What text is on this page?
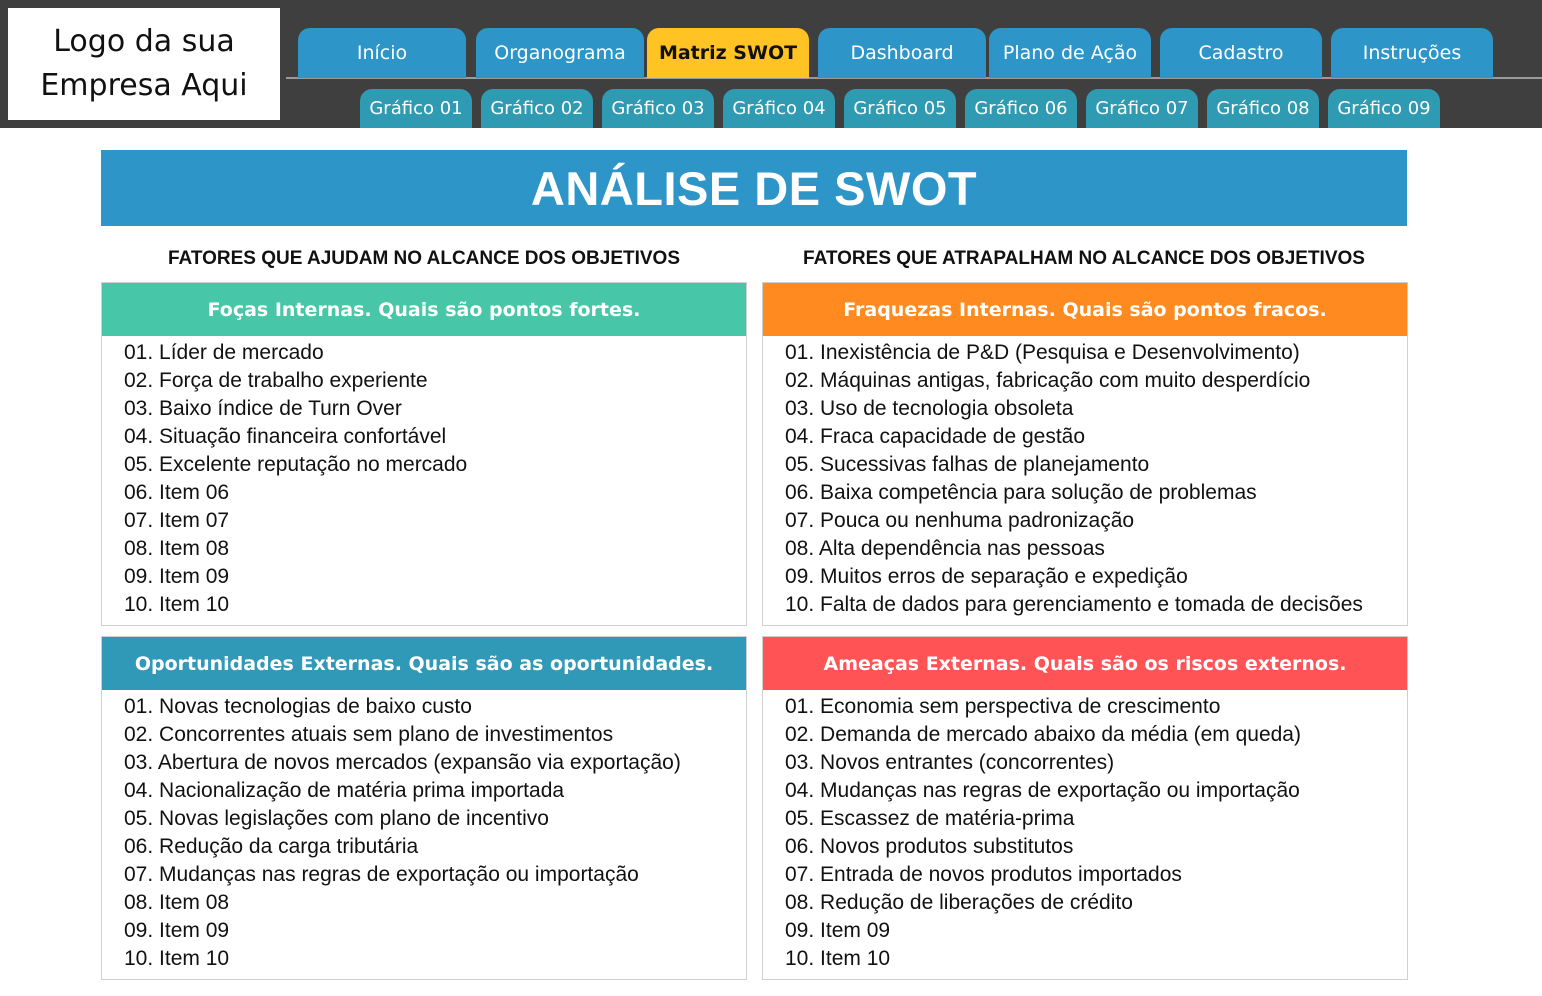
Logo da sua
Empresa Aqui
Início	Organograma	Matriz SWOT	Dashboard	Plano de Ação	Cadastro	Instruções
Gráfico 01	Gráfico 02	Gráfico 03	Gráfico 04	Gráfico 05	Gráfico 06	Gráfico 07	Gráfico 08	Gráfico 09
ANÁLISE DE SWOT
FATORES QUE AJUDAM NO ALCANCE DOS OBJETIVOS	FATORES QUE ATRAPALHAM NO ALCANCE DOS OBJETIVOS
Foças Internas. Quais são pontos fortes.
01. Líder de mercado
02. Força de trabalho experiente
03. Baixo índice de Turn Over
04. Situação financeira confortável
05. Excelente reputação no mercado
06. Item 06
07. Item 07
08. Item 08
09. Item 09
10. Item 10
Fraquezas Internas. Quais são pontos fracos.
01. Inexistência de P&D (Pesquisa e Desenvolvimento)
02. Máquinas antigas, fabricação com muito desperdício
03. Uso de tecnologia obsoleta
04. Fraca capacidade de gestão
05. Sucessivas falhas de planejamento
06. Baixa competência para solução de problemas
07. Pouca ou nenhuma padronização
08. Alta dependência nas pessoas
09. Muitos erros de separação e expedição
10. Falta de dados para gerenciamento e tomada de decisões
Oportunidades Externas. Quais são as oportunidades.
01. Novas tecnologias de baixo custo
02. Concorrentes atuais sem plano de investimentos
03. Abertura de novos mercados (expansão via exportação)
04. Nacionalização de matéria prima importada
05. Novas legislações com plano de incentivo
06. Redução da carga tributária
07. Mudanças nas regras de exportação ou importação
08. Item 08
09. Item 09
10. Item 10
Ameaças Externas. Quais são os riscos externos.
01. Economia sem perspectiva de crescimento
02. Demanda de mercado abaixo da média (em queda)
03. Novos entrantes (concorrentes)
04. Mudanças nas regras de exportação ou importação
05. Escassez de matéria-prima
06. Novos produtos substitutos
07. Entrada de novos produtos importados
08. Redução de liberações de crédito
09. Item 09
10. Item 10
